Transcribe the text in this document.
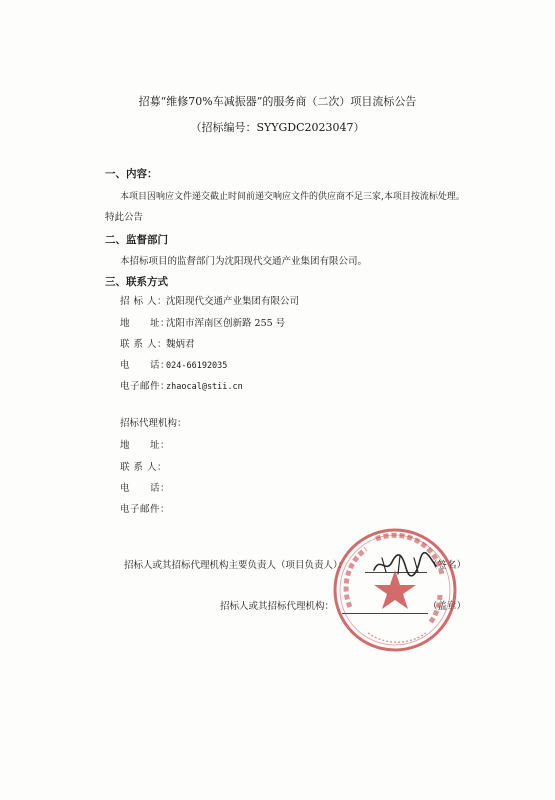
招募“维修70%车减振器”的服务商（二次）项目流标公告
（招标编号：SYYGDC2023047）
一、内容：
本项目因响应文件递交截止时间前递交响应文件的供应商不足三家,本项目按流标处理。
特此公告
二、监督部门
本招标项目的监督部门为沈阳现代交通产业集团有限公司。
三、联系方式
招 标 人：
沈阳现代交通产业集团有限公司
地　　址：
沈阳市浑南区创新路 255 号
联 系 人：
魏炳君
电　　话：
024-66192035
电子邮件：
zhaocal@stii.cn
招标代理机构：
地　　址：
联 系 人：
电　　话：
电子邮件：
招标人或其招标代理机构主要负责人（项目负责人）：	（签名）
招标人或其招标代理机构：	（盖章）
